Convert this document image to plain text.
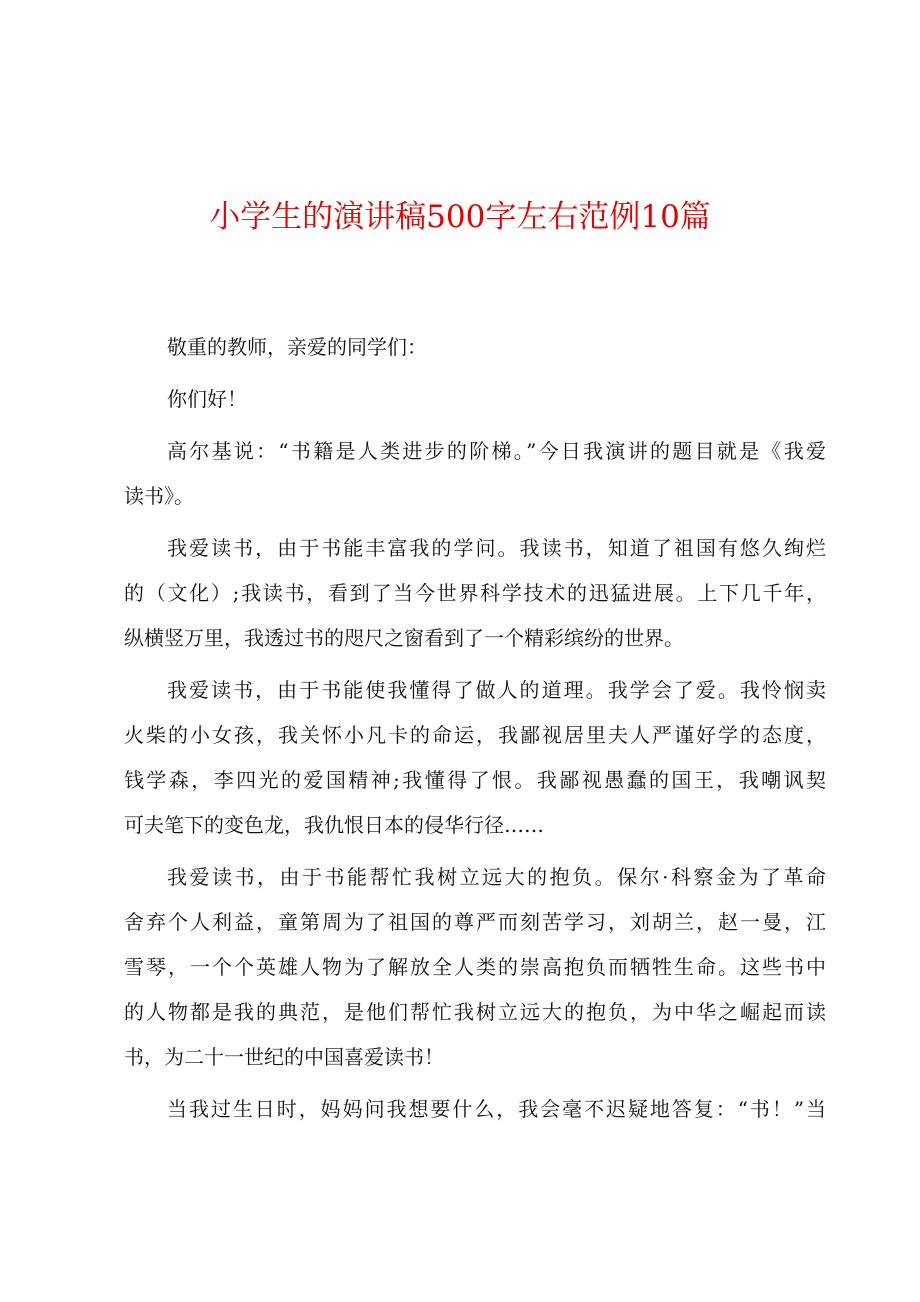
小学生的演讲稿500字左右范例10篇
敬重的教师，亲爱的同学们：
你们好！
高尔基说：“书籍是人类进步的阶梯。”今日我演讲的题目就是《我爱
读书》。
我爱读书，由于书能丰富我的学问。我读书，知道了祖国有悠久绚烂
的（文化）;我读书，看到了当今世界科学技术的迅猛进展。上下几千年，
纵横竖万里，我透过书的咫尺之窗看到了一个精彩缤纷的世界。
我爱读书，由于书能使我懂得了做人的道理。我学会了爱。我怜悯卖
火柴的小女孩，我关怀小凡卡的命运，我鄙视居里夫人严谨好学的态度，
钱学森，李四光的爱国精神;我懂得了恨。我鄙视愚蠢的国王，我嘲讽契
可夫笔下的变色龙，我仇恨日本的侵华行径……
我爱读书，由于书能帮忙我树立远大的抱负。保尔·科察金为了革命
舍弃个人利益，童第周为了祖国的尊严而刻苦学习，刘胡兰，赵一曼，江
雪琴，一个个英雄人物为了解放全人类的崇高抱负而牺牲生命。这些书中
的人物都是我的典范，是他们帮忙我树立远大的抱负，为中华之崛起而读
书，为二十一世纪的中国喜爱读书！
当我过生日时，妈妈问我想要什么，我会毫不迟疑地答复：“书！”当
